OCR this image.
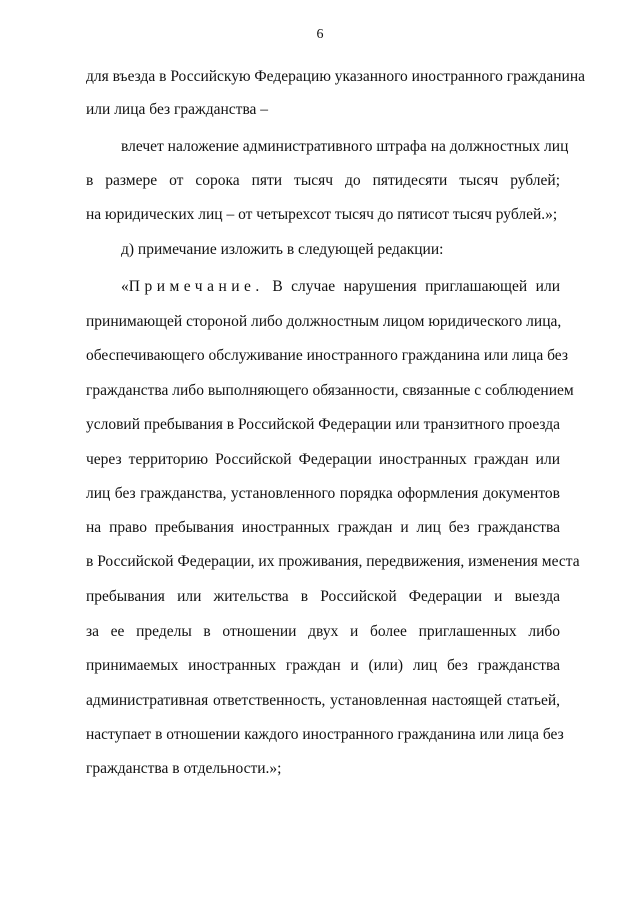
6
для въезда в Российскую Федерацию указанного иностранного гражданина
или лица без гражданства –
влечет наложение административного штрафа на должностных лиц
в размере от сорока пяти тысяч до пятидесяти тысяч рублей;
на юридических лиц – от четырехсот тысяч до пятисот тысяч рублей.»;
д) примечание изложить в следующей редакции:
«Примечание. В случае нарушения приглашающей или
принимающей стороной либо должностным лицом юридического лица,
обеспечивающего обслуживание иностранного гражданина или лица без
гражданства либо выполняющего обязанности, связанные с соблюдением
условий пребывания в Российской Федерации или транзитного проезда
через территорию Российской Федерации иностранных граждан или
лиц без гражданства, установленного порядка оформления документов
на право пребывания иностранных граждан и лиц без гражданства
в Российской Федерации, их проживания, передвижения, изменения места
пребывания или жительства в Российской Федерации и выезда
за ее пределы в отношении двух и более приглашенных либо
принимаемых иностранных граждан и (или) лиц без гражданства
административная ответственность, установленная настоящей статьей,
наступает в отношении каждого иностранного гражданина или лица без
гражданства в отдельности.»;
